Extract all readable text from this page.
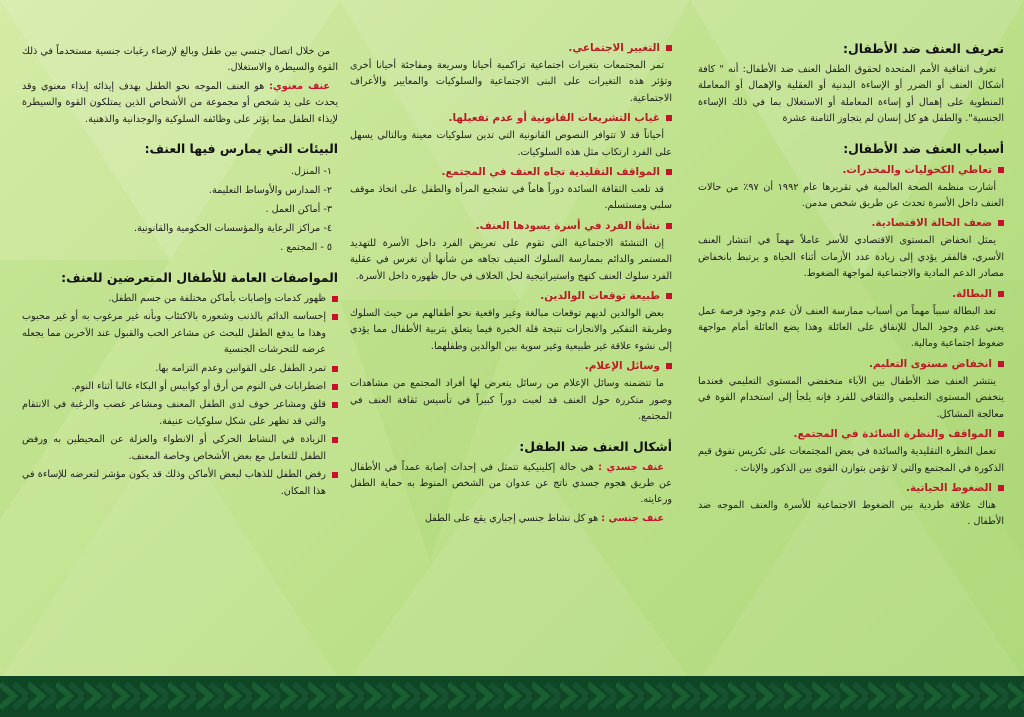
تعريف العنف ضد الأطفال:

تعرف اتفاقية الأمم المتحدة لحقوق الطفل العنف ضد الأطفال: أنه " كافة أشكال العنف أو الضرر أو الإساءة البدنية أو العقلية والإهمال أو المعاملة المنطوية على إهمال أو إساءة المعاملة أو الاستغلال بما في ذلك الإساءة الجنسية". والطفل هو كل إنسان لم يتجاوز الثامنة عشرة

أسباب العنف ضد الأطفال:
تعاطي الكحوليات والمخدرات.

أشارت منظمة الصحة العالمية في تقريرها عام ١٩٩٢ أن ٩٧٪ من حالات العنف داخل الأسرة تحدث عن طريق شخص مدمن.

ضعف الحالة الاقتصادية.

يمثل انخفاض المستوى الاقتصادي للأسر عاملاً مهماً في انتشار العنف الأسري، فالفقر يؤدي إلى زيادة عدد الأزمات أثناء الحياة و يرتبط بانخفاض مصادر الدعم المادية والاجتماعية لمواجهة الضغوط.

البطالة.

تعد البطالة سبباً مهماً من أسباب ممارسة العنف لأن عدم وجود فرصة عمل يعني عدم وجود المال للإنفاق على العائلة وهذا يضع العائلة أمام مواجهة ضغوط اجتماعية ومالية.

انخفاض مستوى التعليم.

ينتشر العنف ضد الأطفال بين الآباء منخفضي المستوى التعليمي فعندما ينخفض المستوى التعليمي والثقافي للفرد فإنه يلجأ إلى استخدام القوة في معالجة المشاكل.

المواقف والنظرة السائدة في المجتمع.

تعمل النظرة التقليدية والسائدة في بعض المجتمعات على تكريس تفوق قيم الذكورة في المجتمع والتي لا تؤمن بتوازن القوى بين الذكور والإناث .

الضغوط الحياتية.

هناك علاقة طردية بين الضغوط الاجتماعية للأسرة والعنف الموجه ضد الأطفال .

التغيير الاجتماعي.

تمر المجتمعات بتغيرات اجتماعية تراكمية أحيانا وسريعة ومفاجئة أحيانا أخرى وتؤثر هذه التغيرات على البنى الاجتماعية والسلوكيات والمعايير والأعراف الاجتماعية.

غياب التشريعات القانونية أو عدم تفعيلها.

أحياناً قد لا تتوافر النصوص القانونية التي تدين سلوكيات معينة وبالتالي يسهل على الفرد ارتكاب مثل هذه السلوكيات.

المواقف التقليدية تجاه العنف في المجتمع.

قد تلعب الثقافة السائدة دوراً هاماً في تشجيع المرأة والطفل على اتخاذ موقف سلبي ومستسلم.

نشأة الفرد في أسرة يسودها العنف.

إن التنشئة الاجتماعية التي تقوم على تعريض الفرد داخل الأسرة للتهديد المستمر والدائم بممارسة السلوك العنيف تجاهه من شأنها أن تغرس في عقلية الفرد سلوك العنف كنهج واستيراتيجية لحل الخلاف في حال ظهوره داخل الأسرة.

طبيعة توقعات الوالدين.

بعض الوالدين لديهم توقعات مبالغة وغير واقعية نحو أطفالهم من حيث السلوك وطريقة التفكير والانجازات نتيجة قلة الخبرة فيما يتعلق بتربية الأطفال مما يؤدي إلى نشوء علاقة غير طبيعية وغير سوية بين الوالدين وطفلهما.

وسائل الإعلام.

ما تتضمنه وسائل الإعلام من رسائل يتعرض لها أفراد المجتمع من مشاهدات وصور متكررة حول العنف قد لعبت دوراً كبيراً في تأسيس ثقافة العنف في المجتمع.

أشكال العنف ضد الطفل:

عنف جسدي : هي حالة إكلينيكية تتمثل في إحداث إصابة عمداً في الأطفال عن طريق هجوم جسدي ناتج عن عدوان من الشخص المنوط به حماية الطفل ورعايته.

عنف جنسي : هو كل نشاط جنسي إجباري يقع على الطفل

من خلال اتصال جنسي بين طفل وبالغ لإرضاء رغبات جنسية مستخدماً في ذلك القوة والسيطرة والاستغلال.

عنف معنوي: هو العنف الموجه نحو الطفل بهدف إيذائه إيذاء معنوي وقد يحدث على يد شخص أو مجموعة من الأشخاص الذين يمتلكون القوة والسيطرة لإيذاء الطفل مما يؤثر على وظائفه السلوكية والوجدانية والذهنية.

البيئات التي يمارس فيها العنف:
١- المنزل.
٢- المدارس والأوساط التعليمة.
٣- أماكن العمل .
٤- مراكز الرعاية والمؤسسات الحكومية والقانونية.
٥ - المجتمع .
المواصفات العامة للأطفال المتعرضين للعنف:
ظهور كدمات وإصابات بأماكن مختلفة من جسم الطفل.
إحساسه الدائم بالذنب وشعوره بالاكتئاب وبأنه غير مرغوب به أو غير محبوب وهذا ما يدفع الطفل للبحث عن مشاعر الحب والقبول عند الآخرين مما يجعله عرضه للتحرشات الجنسية
تمرد الطفل على القوانين وعدم التزامه بها.
اضطرابات في النوم من أرق أو كوابيس أو البكاء غالبا أثناء النوم.
قلق ومشاعر خوف لدى الطفل المعنف ومشاعر غضب والرغبة في الانتقام والتي قد تظهر على شكل سلوكيات عنيفة.
الزيادة في النشاط الحركي أو الانطواء والعزلة عن المحيطين به ورفض الطفل للتعامل مع بعض الأشخاص وخاصة المعنف.
رفض الطفل للذهاب لبعض الأماكن وذلك قد يكون مؤشر لتعرضه للإساءة في هذا المكان.
